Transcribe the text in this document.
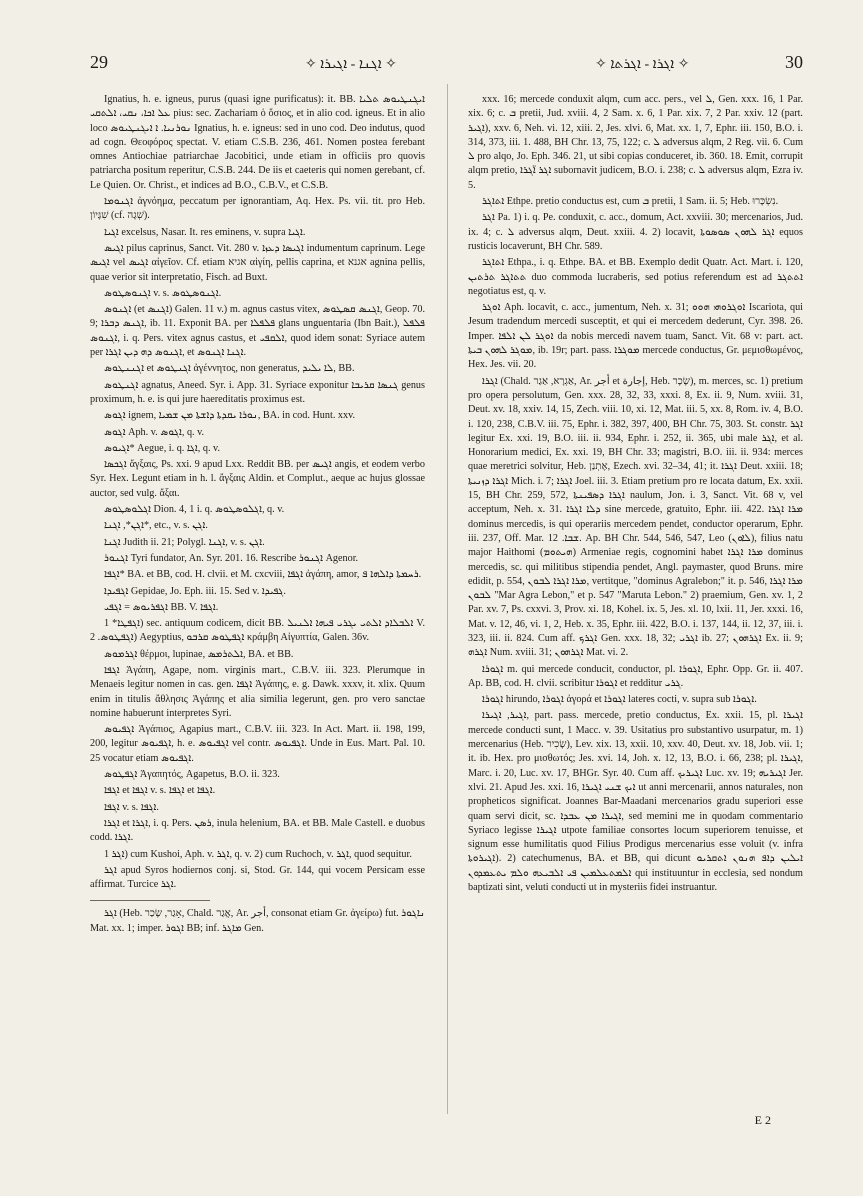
29	✧ ܐܓܢܐ - ܐܓܝܪܐ ✧	✧ ܐܓܪܐ - ܐܓܪܬܐ ✧	30

Ignatius, h. e. igneus, purus (quasi igne purificatus): it. BB. ܐܝܓܢܛܝܘܣ ܬܠܝܐ ܥܠ ܐܟܐ، ܢܩܝ، ܐܠܬܩܝ pius: sec. Zachariam ὁ ὅσιος, et in alio cod. igneus. Et in alio loco ܢܘܪܢܝܐ. ܐ ܐܝܓܢܛܝܘܣ Ignatius, h. e. igneus: sed in uno cod. Deo indutus, quod ad cogn. Θεοφόρος spectat. V. etiam C.S.B. 236, 461. Nomen postea ferebant omnes Antiochiae patriarchae Jacobitici, unde etiam in officiis pro quovis patriarcha positum reperitur, C.S.B. 244. De iis et caeteris qui nomen gerebant, cf. Le Quien. Or. Christ., et indices ad B.O., C.B.V., et C.S.B.

ܐܓܢܘܡܐ ἀγνόημα, peccatum per ignorantiam, Aq. Hex. Ps. vii. tit. pro Heb. שִׁגָּיוֹן (cf. שְׁגָה).

ܐܓܝܐ excelsus, Nasar. It. res eminens, v. supra ܐܓܝܐ.

ܐܓܝܣ pilus caprinus, Sanct. Vit. 280 v. ܐܓܝܣܐ ܕܥܙܐ indumentum caprinum. Lege ܐܓܝܣ vel ܐܓܝܣ αἰγεῖον. Cf. etiam אגיא αἰγίη, pellis caprina, et אגנא agnina pellis, quae verior sit interpretatio, Fisch. ad Buxt.

ܐܓܢܘܣܛܘܣ v. s. ܐܓܢܘܣܛܘܣ.

ܐܓܢܘܣ (et ܐܓܢܣ) Galen. 11 v.) m. agnus castus vitex, ܐܓܢܣ ܩܣܛܘܣ, Geop. 70. 9; ܐܓܢܣ ܕܒܪܐ, ib. 11. Exponit BA. per ܦܠܦܠܐ glans unguentaria (Ibn Bait.), ܦܠܦܠ ܐܓܢܘܣ, i. q. Pers. vitex agnus castus, et ܐܠܩܦܝ, quod idem sonat: Syriace autem per ܐܓܢܘܣ ܕܗ ܕܝܢ ܐܓܪܐ, et ܐܓܢܐ ܐܓܢܘܣ.

ܐܓܢܢܛܘܣ et ܐܓܢܛܘܣ ἀγέννητος, non generatus, ܠܐ ܝܠܝܕ, BB.

ܐܓܢܛܘܣ agnatus, Aneed. Syr. i. App. 31. Syriace exponitur ܓܢܣܐ ܩܪܝܒܐ genus proximum, h. e. is qui jure haereditatis proximus est.

ܐܓܘܣ ignem, ܢܘܪܐ ܝܩܕܬܐ ܕܐܫܬܐ ܡܢ ܫܡܝܐ, BA. in cod. Hunt. xxv.

ܐܓܘܣ Aph. v. ܐܓܘܣ, q. v.

ܐܓܝܘܣ* Aegue, i. q. ܐܓܐ, q. v.

ܐܓܟܣܐ ἄγξαις, Ps. xxi. 9 apud Lxx. Reddit BB. per ܐܓܝܣ angis, et eodem verbo Syr. Hex. Legunt etiam in h. l. ἄγξαις Aldin. et Complut., aeque ac hujus glossae auctor, sed vulg. ἄξαι.

ܐܓܠܘܣܛܘܣ Dion. 4, 1 i. q. ܐܓܠܘܣܛܘܣ, q. v.

ܐܓܢ*, ܐܓܢܐ*, etc., v. s. ܐܓܢ.

ܐܓܢܐ Judith ii. 21; Polygl. ܐܓܢܐ, v. s. ܐܓܢ.

ܐܓܢܘܪ Tyri fundator, An. Syr. 201. 16. Rescribe ܐܓܢܘܪ Agenor.

ܐܓܦܐ* BA. et BB, cod. H. clvii. et M. cxcviii, ܐܓܦܐ ἀγάπη, amor, ܪܚܡܬܐ ܕܐܠܗܐ ܦ.

ܐܓܦܝܕܐ Gepidae, Jo. Eph. iii. 15. Sed v. ܓܦܝܕܐ.

ܐܓܦܪܝܘܣ = ܐܓܦܝ BB. V. ܐܓܦܐ.

ܐܓܦܛܐ* 1) sec. antiquum codicem, dicit BB. ܐܠܒܠܐܕ ܐܠܬܝ ܝܓܪܝ ܦܝܗܐ ܐܠܢܝܠ V. ܐܓܦܛܘܣ. 2) Aegyptius, ܐܓܦܛܘܣ ܩܪܒܘ κράμβη Αἰγυπτία, Galen. 36v.

ܐܓܪܡܘܣ θέρμοι, lupinae, ܐܠܬܪܡܣ, BA. et BB.

ܐܓܦܐ Ἀγάπη, Agape, nom. virginis mart., C.B.V. iii. 323. Plerumque in Menaeis legitur nomen in cas. gen. ܐܓܦܐ Ἀγάπης, e. g. Dawk. xxxv, it. xlix. Quum enim in titulis ἄθλησις Ἀγάπης et alia similia legerunt, gen. pro vero sanctae nomine habuerunt interpretes Syri.

ܐܓܦܝܘܣ Ἀγάπιος, Agapius mart., C.B.V. iii. 323. In Act. Mart. ii. 198, 199, 200, legitur ܐܓܦܝܘܣ, h. e. ܐܓܦܝܘܣ vel contr. ܐܓܦܝܘܣ. Unde in Eus. Mart. Pal. 10. 25 vocatur etiam ܐܓܦܝܘܣ.

ܐܓܦܛܘܣ Ἀγαπητός, Agapetus, B.O. ii. 323.

ܐܓܦܐ et ܐܓܦܐ v. s. ܐܓܦܐ et ܐܓܦܐ.

ܐܓܦܐ v. s. ܐܓܦܐ.

ܐܓܪܐ et ܐܓܪܐ, i. q. Pers. ܪܣܢ, inula helenium, BA. et BB. Male Castell. e duobus codd. ܐܓܪܐ.

ܐܓܪ 1) cum Kushoi, Aph. v. ܐܓܪ, q. v. 2) cum Ruchoch, v. ܐܓܪ, quod sequitur.

ܐܓܪ apud Syros hodiernos conj. si, Stod. Gr. 144, qui vocem Persicam esse affirmat. Turcice ܐܓܪ.

ܐܓܪ (Heb. אָגַר, שָׂכַר, Chald. אֲגַר, Ar. أجر, consonat etiam Gr. ἀγείρω) fut. ܢܐܓܘܪ Mat. xx. 1; imper. ܐܓܘܪ BB; inf. ܡܐܓܪ Gen.

xxx. 16; mercede conduxit alqm, cum acc. pers., vel ܠ, Gen. xxx. 16, 1 Par. xix. 6; c. ܒ pretii, Jud. xviii. 4, 2 Sam. x. 6, 1 Par. xix. 7, 2 Par. xxiv. 12 (part. ܐܓܝܪ), xxv. 6, Neh. vi. 12, xiii. 2, Jes. xlvi. 6, Mat. xx. 1, 7, Ephr. iii. 150, B.O. i. 314, 373, iii. 1. 488, BH Chr. 13, 75, 122; c. ܠ adversus alqm, 2 Reg. vii. 6. Cum ܠ pro alqo, Jo. Eph. 346. 21, ut sibi copias conduceret, ib. 360. 18. Emit, corrupit alqm pretio, ܐܓܪ ܐ̈ܓܪܐ subornavit judicem, B.O. i. 238; c. ܠ adversus alqm, Ezra iv. 5.

ܐܬܐܓܪ Ethpe. pretio conductus est, cum ܒ pretii, 1 Sam. ii. 5; Heb. נִשְׂכָּרוּ.

ܐܓܪ Pa. 1) i. q. Pe. conduxit, c. acc., domum, Act. xxviii. 30; mercenarios, Jud. ix. 4; c. ܠ adversus alqm, Deut. xxiii. 4. 2) locavit, ܐܓܪ ܠܗܘܢ ܣܘܣܘܬܐ equos rusticis locaverunt, BH Chr. 589.

ܐܬܐܓܪ Ethpa., i. q. Ethpe. BA. et BB. Exemplo dedit Quatr. Act. Mart. i. 120, ܬܬܐܓܪ ܬܪܬܝܢ duo commoda lucraberis, sed potius referendum est ad ܐܬܬܓܪ negotiatus est, q. v.

ܐܘܓܪ Aph. locavit, c. acc., jumentum, Neh. x. 31; ܐܘܓܪܘܗܝ ܗܘܘ Iscariota, qui Jesum tradendum mercedi susceptit, et qui ei mercedem dederunt, Cyr. 398. 26. Imper. ܐܘܓܪ ܠܢ ܐܠܦܐ da nobis mercedi navem tuam, Sanct. Vit. 68 v: part. act. ܡܘܓܪ ܠܗܘܢ ܒܝܬܐ, ib. 19r; part. pass. ܡܘܓܪܐ mercede conductus, Gr. μεμισθωμένος, Hex. Jes. vii. 20.

ܐܓܪܐ (Chald. אַגְרָא, אַגַר, Ar. أجر et إجارة, Heb. שָׂכָר), m. merces, sc. 1) pretium pro opera persolutum, Gen. xxx. 28, 32, 33, xxxi. 8, Ex. ii. 9, Num. xviii. 31, Deut. xv. 18, xxiv. 14, 15, Zech. viii. 10, xi. 12, Mat. iii. 5, xx. 8, Rom. iv. 4, B.O. i. 120, 238, C.B.V. iii. 75, Ephr. i. 382, 397, 400, BH Chr. 75, 303. St. constr. ܐܓܪ legitur Ex. xxi. 19, B.O. iii. ii. 934, Ephr. i. 252, ii. 365, ubi male ܐܓܪ, et al. Honorarium medici, Ex. xxi. 19, BH Chr. 33; magistri, B.O. iii. ii. 934: merces quae meretrici solvitur, Heb. אֶתְנַן, Ezech. xvi. 32–34, 41; it. ܐܓܪܐ Deut. xxiii. 18; ܐܓܪܐ ܕܙܢܝܬܐ Mich. i. 7; ܐܓܪܐ Joel. iii. 3. Etiam pretium pro re locata datum, Ex. xxii. 15, BH Chr. 259, 572, ܐܓܪܐ ܕܣܦܝܢܬܐ naulum, Jon. i. 3, Sanct. Vit. 68 v, vel acceptum, Neh. x. 31. ܕܠܐ ܐܓܪܐ sine mercede, gratuito, Ephr. iii. 422. ܡܪܐ ܐܓܪܐ dominus mercedis, is qui operariis mercedem pendet, conductor operarum, Ephr. iii. 237, Off. Mar. ܫܒܐ. 12. Ap. BH Chr. 544, 546, 547, Leo (ܠܐܘܢ), filius natu major Haithomi (ܗܝܬܘܡ) Armeniae regis, cognomini habet ܡܪܐ ܐܓܪܐ dominus mercedis, sc. qui militibus stipendia pendet, Angl. paymaster, quod Bruns. mire edidit, p. 554, ܡܪܐ ܐܓܪܐ ܠܒܘܢ, vertitque, "dominus Agralebon;" it. p. 546, ܡܪܐ ܐܓܪܐ ܠܒܘܢ "Mar Agra Lebon," et p. 547 "Maruta Lebon." 2) praemium, Gen. xv. 1, 2 Par. xv. 7, Ps. cxxvi. 3, Prov. xi. 18, Kohel. ix. 5, Jes. xl. 10, lxii. 11, Jer. xxxi. 16, Mat. v. 12, 46, vi. 1, 2, Heb. x. 35, Ephr. iii. 422, B.O. i. 137, 144, ii. 12, 37, iii. i. 323, iii. ii. 824. Cum aff. ܐܓܪܟ Gen. xxx. 18, 32; ܐܓܪܝ ib. 27; ܐܓܪܗܘܢ Ex. ii. 9; ܐܓܪܗ Num. xviii. 31; ܐܓܪܗܘܢ Mat. vi. 2.

ܐܓܘܪܐ m. qui mercede conducit, conductor, pl. ܐܓܘܪܐ, Ephr. Opp. Gr. ii. 407. Ap. BB, cod. H. clvii. scribitur ܐܓܘܪܐ et redditur ܓܪܝ.

ܐܓܘܪܐ hirundo, ܐܓܘܪܐ ἀγορά et ܐܓܘܪܐ lateres cocti, v. supra sub ܐܓܘܪܐ.

ܐܓܝܪ, ܐܓܝܪܐ, part. pass. mercede, pretio conductus, Ex. xxii. 15, pl. ܐܓܝܪܐ mercede conducti sunt, 1 Macc. v. 39. Usitatius pro substantivo usurpatur, m. 1) mercenarius (Heb. שָׂכִיר), Lev. xix. 13, xxii. 10, xxv. 40, Deut. xv. 18, Job. vii. 1; it. ib. Hex. pro μισθωτός; Jes. xvi. 14, Joh. x. 12, 13, B.O. i. 66, 238; pl. ܐܓܝܪܐ, Marc. i. 20, Luc. xv. 17, BHGr. Syr. 40. Cum aff. ܐܓܝܪܝܟ Luc. xv. 19; ܐܓܝܪܝܗ Jer. xlvi. 21. Apud Jes. xxi. 16, ܐܝܟ ܫܢܝ ܐܓܝܪܐ ut anni mercenarii, annos naturales, non propheticos significat. Joannes Bar-Maadani mercenarios gradu superiori esse quam servi dicit, sc. ܐܓܝܪܐ ܡܢ ܥܒܕܐ, sed memini me in quodam commentario Syriaco legisse ܐܓܝܪܐ utpote familiae consortes locum superiorem tenuisse, et signum esse humilitatis quod Filius Prodigus mercenarius esse voluit (v. infra ܐܓܝܪܘܬܐ). 2) catechumenus, BA. et BB, qui dicunt ܐܝܠܝܢ ܕܐܦ ܗܢܘܢ ܐܬܩܪܝܘ ܐܠܡܬܥܠܡܝܢ ܦܝ ܐܠܒܝܥܗ ܘܠܡ ܝܬܥܡܕܘܢ qui instituuntur in ecclesia, sed nondum baptizati sint, veluti conducti ut in mysteriis fidei instruantur.

E 2
